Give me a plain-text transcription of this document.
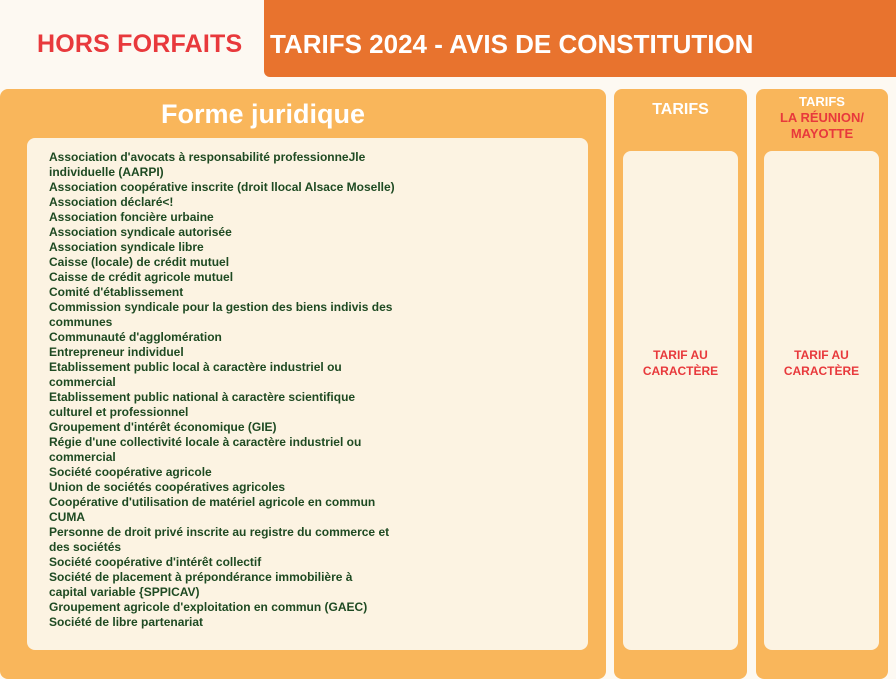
HORS FORFAITS TARIFS 2024 - AVIS DE CONSTITUTION
Forme juridique
Association d'avocats à responsabilité professionneJle
individuelle (AARPI)
Association coopérative inscrite (droit llocal Alsace Moselle)
Association déclaré<!
Association foncière urbaine
Association syndicale autorisée
Association syndicale libre
Caisse (locale) de crédit mutuel
Caisse de crédit agricole mutuel
Comité d'établissement
Commission syndicale pour la gestion des biens indivis des
communes
Communauté d'agglomération
Entrepreneur individuel
Etablissement public local à caractère industriel ou
commercial
Etablissement public national à caractère scientifique
culturel et professionnel
Groupement d'intérêt économique (GIE)
Régie d'une collectivité locale à caractère industriel ou
commercial
Société coopérative agricole
Union de sociétés coopératives agricoles
Coopérative d'utilisation de matériel agricole en commun
CUMA
Personne de droit privé inscrite au registre du commerce et
des sociétés
Société coopérative d'intérêt collectif
Société de placement à prépondérance immobilière à
capital variable {SPPICAV)
Groupement agricole d'exploitation en commun (GAEC)
Société de libre partenariat
TARIFS
TARIF AU
CARACTÈRE
TARIFS
LA RÉUNION/
MAYOTTE
TARIF AU
CARACTÈRE
